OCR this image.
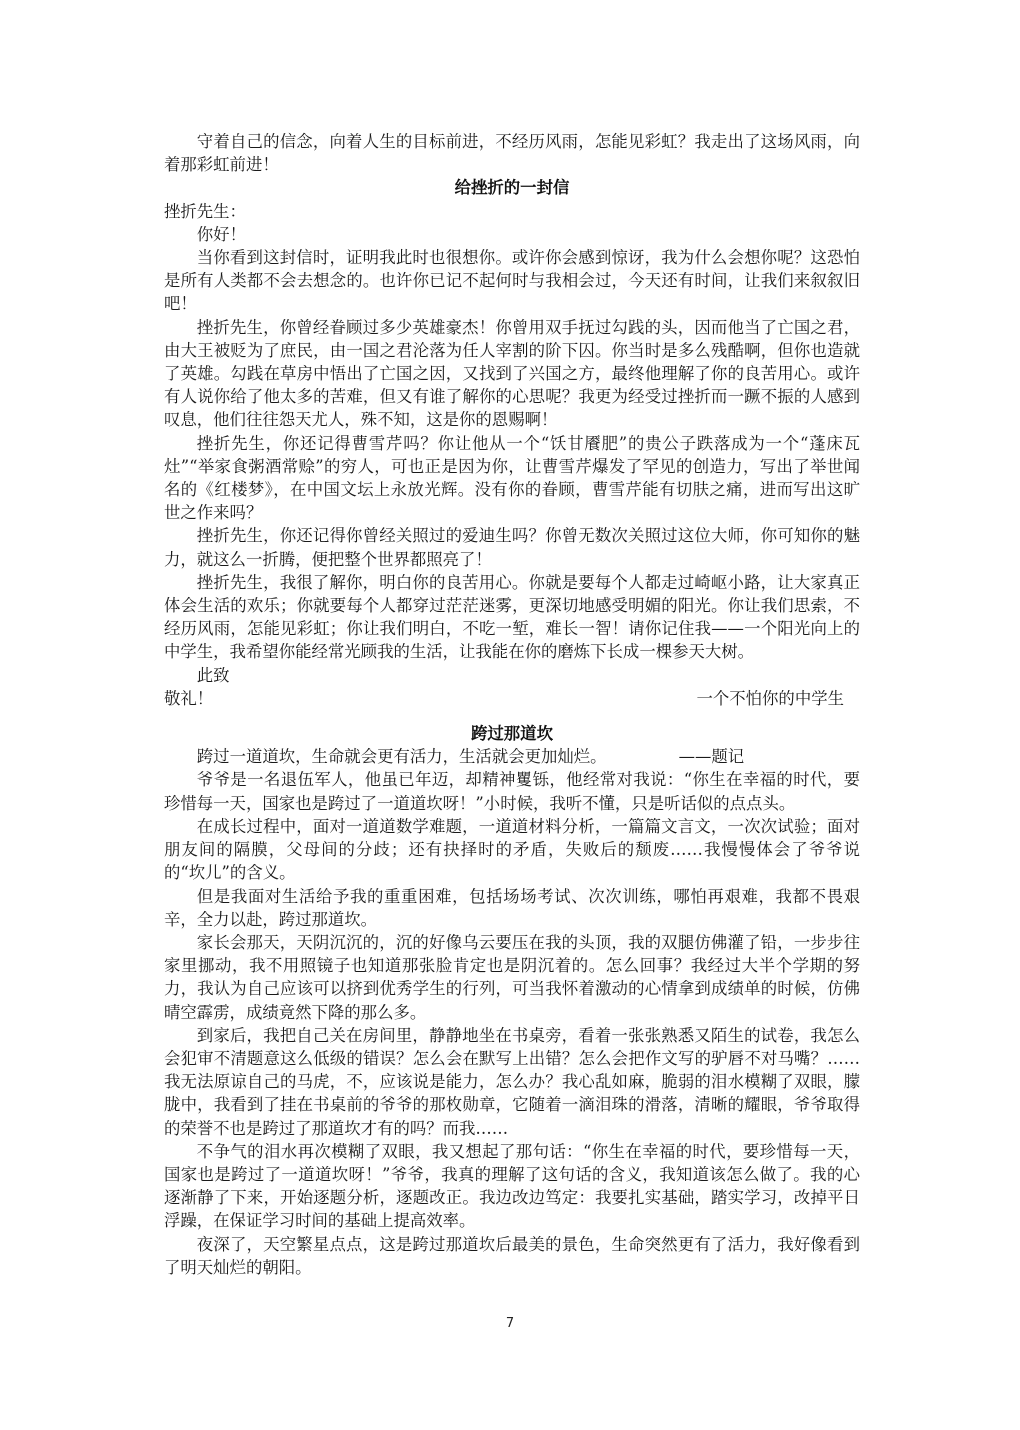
守着自己的信念，向着人生的目标前进，不经历风雨，怎能见彩虹？我走出了这场风雨，向着那彩虹前进！

给挫折的一封信

挫折先生：

你好！

当你看到这封信时，证明我此时也很想你。或许你会感到惊讶，我为什么会想你呢？这恐怕是所有人类都不会去想念的。也许你已记不起何时与我相会过，今天还有时间，让我们来叙叙旧吧！

挫折先生，你曾经眷顾过多少英雄豪杰！你曾用双手抚过勾践的头，因而他当了亡国之君，由大王被贬为了庶民，由一国之君沦落为任人宰割的阶下囚。你当时是多么残酷啊，但你也造就了英雄。勾践在草房中悟出了亡国之因，又找到了兴国之方，最终他理解了你的良苦用心。或许有人说你给了他太多的苦难，但又有谁了解你的心思呢？我更为经受过挫折而一蹶不振的人感到叹息，他们往往怨天尤人，殊不知，这是你的恩赐啊！

挫折先生，你还记得曹雪芹吗？你让他从一个“饫甘餍肥”的贵公子跌落成为一个“蓬床瓦灶”“举家食粥酒常赊”的穷人，可也正是因为你，让曹雪芹爆发了罕见的创造力，写出了举世闻名的《红楼梦》，在中国文坛上永放光辉。没有你的眷顾，曹雪芹能有切肤之痛，进而写出这旷世之作来吗？

挫折先生，你还记得你曾经关照过的爱迪生吗？你曾无数次关照过这位大师，你可知你的魅力，就这么一折腾，便把整个世界都照亮了！

挫折先生，我很了解你，明白你的良苦用心。你就是要每个人都走过崎岖小路，让大家真正体会生活的欢乐；你就要每个人都穿过茫茫迷雾，更深切地感受明媚的阳光。你让我们思索，不经历风雨，怎能见彩虹；你让我们明白，不吃一堑，难长一智！请你记住我——一个阳光向上的中学生，我希望你能经常光顾我的生活，让我能在你的磨炼下长成一棵参天大树。

此致

敬礼！	一个不怕你的中学生
跨过那道坎

跨过一道道坎，生命就会更有活力，生活就会更加灿烂。	——题记

爷爷是一名退伍军人，他虽已年迈，却精神矍铄，他经常对我说：“你生在幸福的时代，要珍惜每一天，国家也是跨过了一道道坎呀！”小时候，我听不懂，只是听话似的点点头。

在成长过程中，面对一道道数学难题，一道道材料分析，一篇篇文言文，一次次试验；面对朋友间的隔膜，父母间的分歧；还有抉择时的矛盾，失败后的颓废……我慢慢体会了爷爷说的“坎儿”的含义。

但是我面对生活给予我的重重困难，包括场场考试、次次训练，哪怕再艰难，我都不畏艰辛，全力以赴，跨过那道坎。

家长会那天，天阴沉沉的，沉的好像乌云要压在我的头顶，我的双腿仿佛灌了铅，一步步往家里挪动，我不用照镜子也知道那张脸肯定也是阴沉着的。怎么回事？我经过大半个学期的努力，我认为自己应该可以挤到优秀学生的行列，可当我怀着激动的心情拿到成绩单的时候，仿佛晴空霹雳，成绩竟然下降的那么多。

到家后，我把自己关在房间里，静静地坐在书桌旁，看着一张张熟悉又陌生的试卷，我怎么会犯审不清题意这么低级的错误？怎么会在默写上出错？怎么会把作文写的驴唇不对马嘴？……我无法原谅自己的马虎，不，应该说是能力，怎么办？我心乱如麻，脆弱的泪水模糊了双眼，朦胧中，我看到了挂在书桌前的爷爷的那枚勋章，它随着一滴泪珠的滑落，清晰的耀眼，爷爷取得的荣誉不也是跨过了那道坎才有的吗？而我……

不争气的泪水再次模糊了双眼，我又想起了那句话：“你生在幸福的时代，要珍惜每一天，国家也是跨过了一道道坎呀！”爷爷，我真的理解了这句话的含义，我知道该怎么做了。我的心逐渐静了下来，开始逐题分析，逐题改正。我边改边笃定：我要扎实基础，踏实学习，改掉平日浮躁，在保证学习时间的基础上提高效率。

夜深了，天空繁星点点，这是跨过那道坎后最美的景色，生命突然更有了活力，我好像看到了明天灿烂的朝阳。

7
